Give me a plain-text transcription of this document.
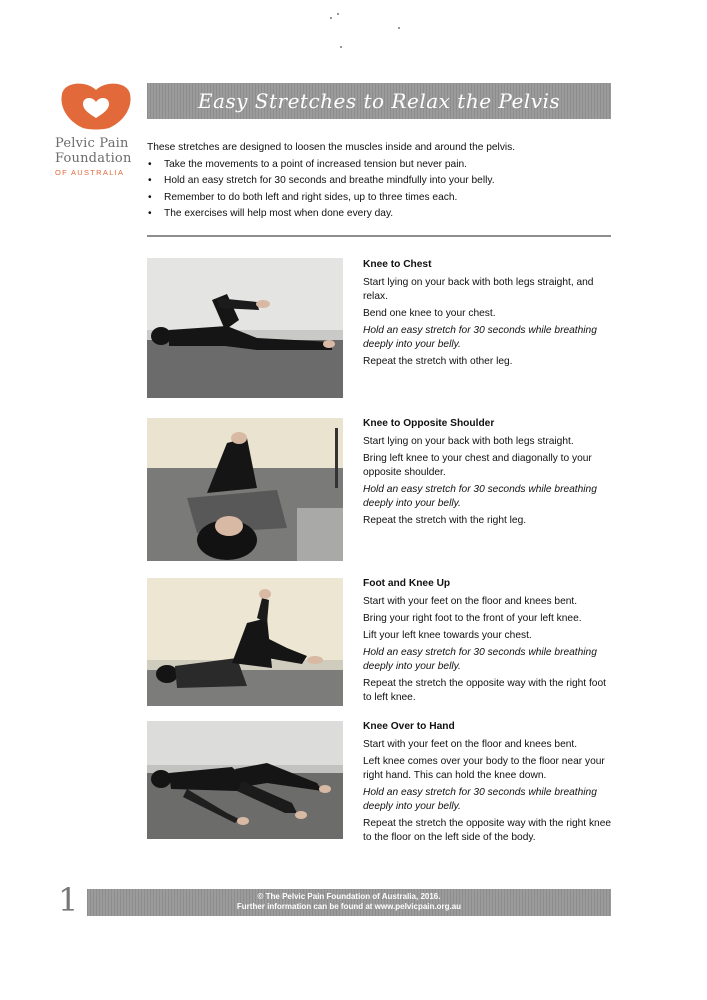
Pelvic Pain
Foundation
OF AUSTRALIA
Easy Stretches to Relax the Pelvis
These stretches are designed to loosen the muscles inside and around the pelvis.
• Take the movements to a point of increased tension but never pain.
• Hold an easy stretch for 30 seconds and breathe mindfully into your belly.
• Remember to do both left and right sides, up to three times each.
• The exercises will help most when done every day.
Knee to Chest

Start lying on your back with both legs straight, and relax.

Bend one knee to your chest.

Hold an easy stretch for 30 seconds while breathing deeply into your belly.

Repeat the stretch with other leg.

Knee to Opposite Shoulder

Start lying on your back with both legs straight.

Bring left knee to your chest and diagonally to your opposite shoulder.

Hold an easy stretch for 30 seconds while breathing deeply into your belly.

Repeat the stretch with the right leg.

Foot and Knee Up

Start with your feet on the floor and knees bent.

Bring your right foot to the front of your left knee.

Lift your left knee towards your chest.

Hold an easy stretch for 30 seconds while breathing deeply into your belly.

Repeat the stretch the opposite way with the right foot to left knee.

Knee Over to Hand

Start with your feet on the floor and knees bent.

Left knee comes over your body to the floor near your right hand. This can hold the knee down.

Hold an easy stretch for 30 seconds while breathing deeply into your belly.

Repeat the stretch the opposite way with the right knee to the floor on the left side of the body.

1	© The Pelvic Pain Foundation of Australia, 2016.
Further information can be found at www.pelvicpain.org.au
